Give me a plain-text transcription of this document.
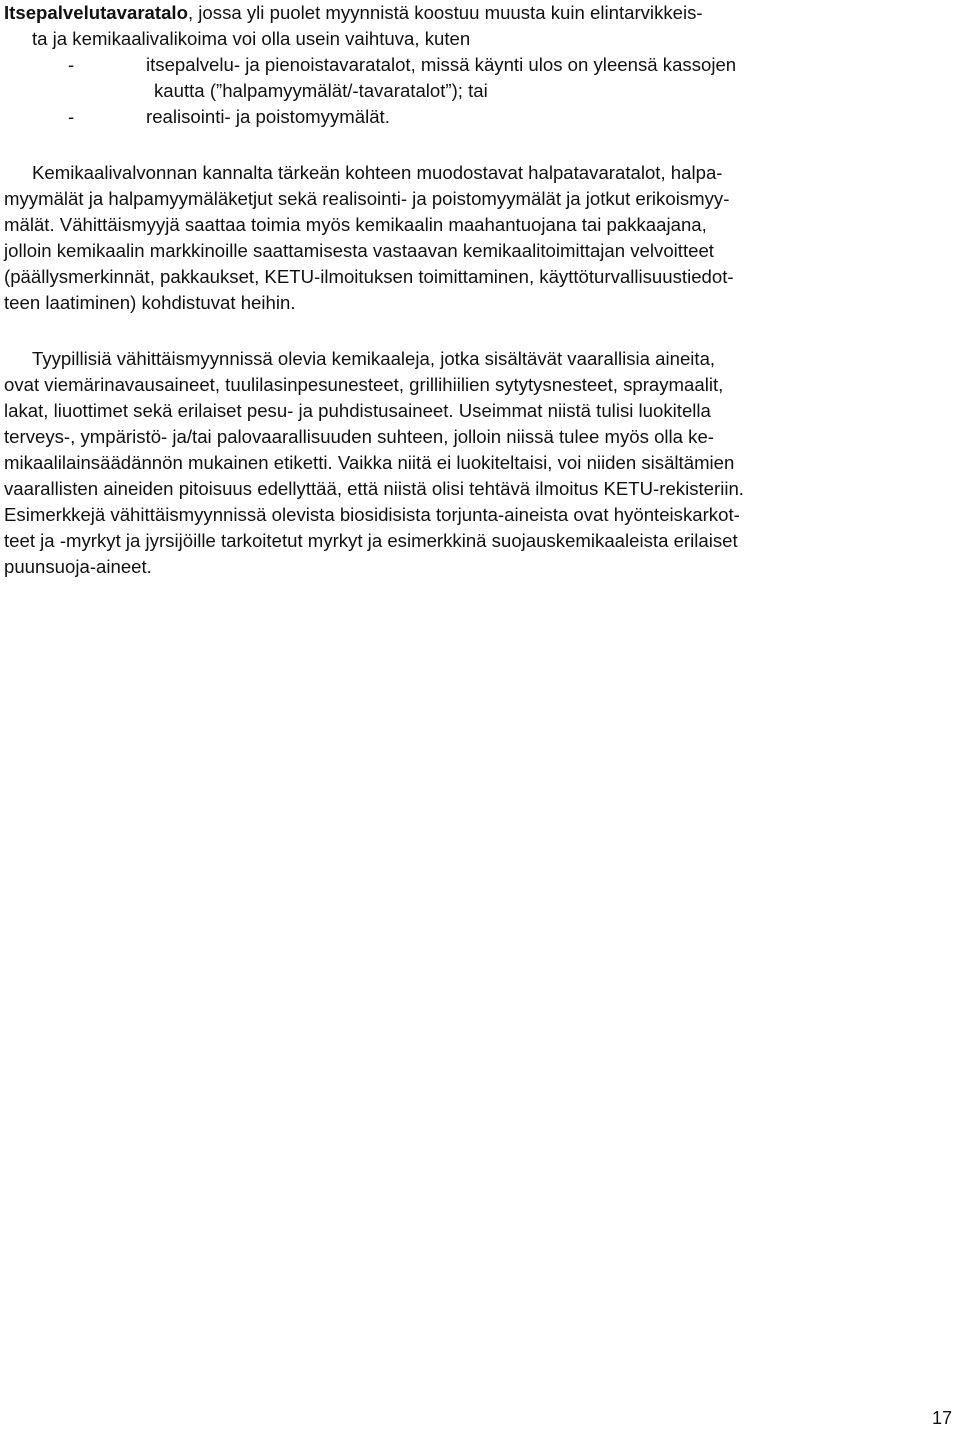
Itsepalvelutavaratalo, jossa yli puolet myynnistä koostuu muusta kuin elintarvikkeis-
ta ja kemikaalivalikoima voi olla usein vaihtuva, kuten
-	itsepalvelu- ja pienoistavaratalot, missä käynti ulos on yleensä kassojen
kautta (”halpamyymälät/-tavaratalot”); tai
-	realisointi- ja poistomyymälät.
Kemikaalivalvonnan kannalta tärkeän kohteen muodostavat halpatavaratalot, halpa-
myymälät ja halpamyymäläketjut sekä realisointi- ja poistomyymälät ja jotkut erikoismyy-
mälät. Vähittäismyyjä saattaa toimia myös kemikaalin maahantuojana tai pakkaajana,
jolloin kemikaalin markkinoille saattamisesta vastaavan kemikaalitoimittajan velvoitteet
(päällysmerkinnät, pakkaukset, KETU-ilmoituksen toimittaminen, käyttöturvallisuustiedot-
teen laatiminen) kohdistuvat heihin.
Tyypillisiä vähittäismyynnissä olevia kemikaaleja, jotka sisältävät vaarallisia aineita,
ovat viemärinavausaineet, tuulilasinpesunesteet, grillihiilien sytytysnesteet, spraymaalit,
lakat, liuottimet sekä erilaiset pesu- ja puhdistusaineet. Useimmat niistä tulisi luokitella
terveys-, ympäristö- ja/tai palovaarallisuuden suhteen, jolloin niissä tulee myös olla ke-
mikaalilainsäädännön mukainen etiketti. Vaikka niitä ei luokiteltaisi, voi niiden sisältämien
vaarallisten aineiden pitoisuus edellyttää, että niistä olisi tehtävä ilmoitus KETU-rekisteriin.
Esimerkkejä vähittäismyynnissä olevista biosidisista torjunta-aineista ovat hyönteiskarkot-
teet ja -myrkyt ja jyrsijöille tarkoitetut myrkyt ja esimerkkinä suojauskemikaaleista erilaiset
puunsuoja-aineet.
17
